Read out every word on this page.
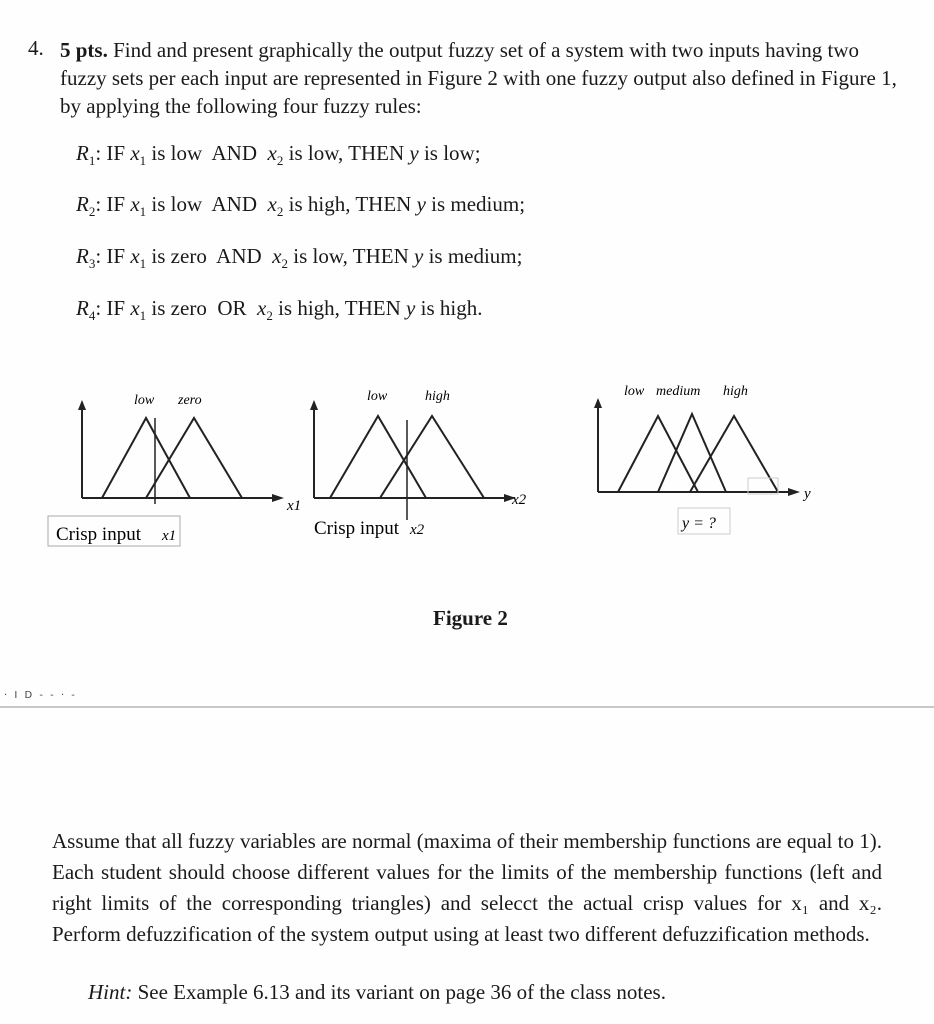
4. 5 pts. Find and present graphically the output fuzzy set of a system with two inputs having two fuzzy sets per each input are represented in Figure 2 with one fuzzy output also defined in Figure 1, by applying the following four fuzzy rules:

$R_1$: IF $x_1$ is low  AND  $x_2$ is low, THEN y is low;
$R_2$: IF $x_1$ is low  AND  $x_2$ is high, THEN y is medium;
$R_3$: IF $x_1$ is zero  AND  $x_2$ is low, THEN y is medium;
$R_4$: IF $x_1$ is zero  OR  $x_2$ is high, THEN y is high.
low zero
x1
Crisp input x1
low	high
x2
Crisp input x2
low medium high
y
y = ?
Figure 2
· I D - - · -

Assume that all fuzzy variables are normal (maxima of their membership functions are equal to 1). Each student should choose different values for the limits of the membership functions (left and right limits of the corresponding triangles) and selecct the actual crisp values for x₁ and x₂. Perform defuzzification of the system output using at least two different defuzzification methods.

Hint: See Example 6.13 and its variant on page 36 of the class notes.
